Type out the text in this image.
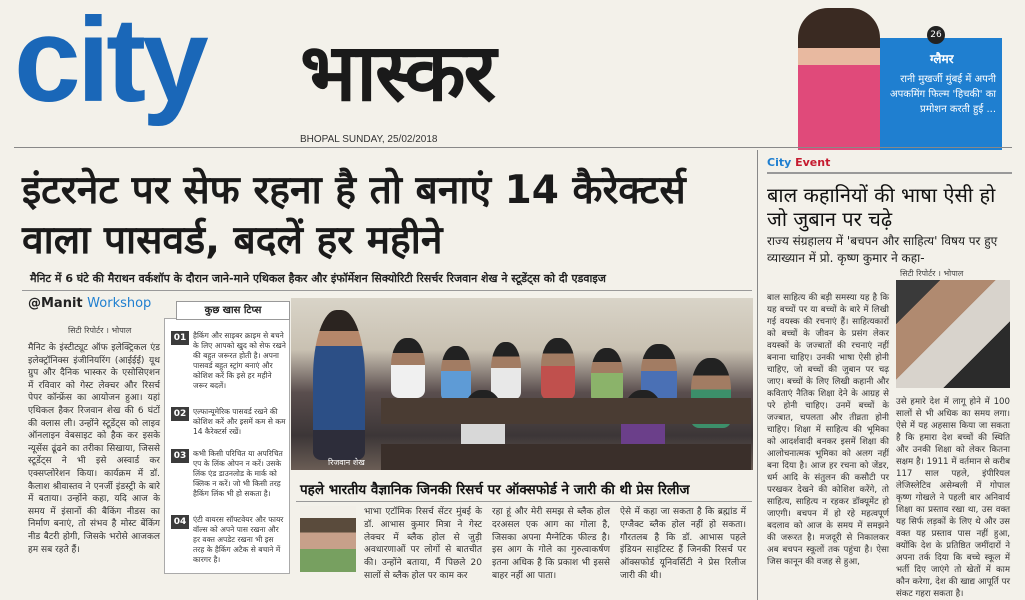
city भास्कर
BHOPAL SUNDAY, 25/02/2018
26
ग्लैमर
रानी मुखर्जी मुंबई में अपनी अपकमिंग फिल्म 'हिचकी' का प्रमोशन करती हुई ...
इंटरनेट पर सेफ रहना है तो बनाएं 14 कैरेक्टर्स वाला पासवर्ड, बदलें हर महीने
मैनिट में 6 घंटे की मैराथन वर्कशॉप के दौरान जाने-माने एथिकल हैकर और इंफॉर्मेशन सिक्योरिटी रिसर्चर रिजवान शेख ने स्टूडेंट्स को दी एडवाइज
@Manit Workshop
सिटी रिपोर्टर । भोपाल
मैनिट के इंस्टीट्यूट ऑफ इलेक्ट्रिकल एंड इलेक्ट्रॉनिक्स इंजीनियरिंग (आईईई) यूथ ग्रुप और दैनिक भास्कर के एसोसिएशन में रविवार को गेस्ट लेक्चर और रिसर्च पेपर कॉन्फ्रेंस का आयोजन हुआ। यहां एथिकल हैकर रिजवान शेख की 6 घंटों की क्लास ली। उन्होंने स्टूडेंट्स को लाइव ऑनलाइन वेबसाइट को हैक कर इसके न्यूसेंस ढूंढने का तरीका सिखाया, जिससे स्टूडेंट्स ने भी इसे अस्वार्ड कर एक्सप्लोरेशन किया। कार्यक्रम में डॉ. कैलाश श्रीवास्तव ने एनर्जी इंडस्ट्री के बारे में बताया। उन्होंने कहा, यदि आज के समय में इंसानों की बैकिंग नीडस का निर्माण बनाएं, तो संभव है मोस्ट बेंकिंग नीड बैटरी होगी, जिसके भरोसे आजकल हम सब रहते हैं।
01 हैकिंग और साइबर क्राइम से बचने के लिए आपको खुद को सेफ रखने की बहुत जरूरत होती है। अपना पासवर्ड बहुत स्ट्रांग बनाएं और कोशिश करें कि इसे हर महीने जरूर बदलें।
02 एल्फान्यूमेरिक पासवर्ड रखने की कोशिश करें और इसमें कम से कम 14 कैरेक्टर्स रखें।
03 कभी किसी परिचित या अपरिचित एप के लिंक ओपन न करें। उसके लिंक एंड डाउनलोड के मार्क को क्लिक न करें। जो भी किसी तरह हैकिंग लिंक भी हो सकता है।
04 एंटी वायरस सॉफ्टवेयर और फायर वॉल्स को अपने पास रखना और हर वक्त अपडेट रखना भी इस तरह के हैकिंग अटैक से बचाने में कारगर है।
कुछ खास टिप्स
रिजवान शेख
पहले भारतीय वैज्ञानिक जिनकी रिसर्च पर ऑक्सफोर्ड ने जारी की थी प्रेस रिलीज
भाभा एटॉमिक रिसर्च सेंटर मुंबई के डॉ. आभास कुमार मित्रा ने गेस्ट लेक्चर में ब्लैक होल से जुड़ी अवधारणाओं पर लोगों से बातचीत की। उन्होंने बताया, मैं पिछले 20 सालों से ब्लैक होल पर काम कर
रहा हूं और मेरी समझ से ब्लैक होल दरअसल एक आग का गोला है, जिसका अपना मैग्नेटिक फील्ड है। इस आग के गोले का गुरुत्वाकर्षण इतना अधिक है कि प्रकाश भी इससे बाहर नहीं आ पाता।
ऐसे में कहा जा सकता है कि ब्रह्मांड में एग्जैक्ट ब्लैक होल नहीं हो सकता। गौरतलब है कि डॉ. आभास पहले इंडियन साइंटिस्ट हैं जिनकी रिसर्च पर ऑक्सफोर्ड यूनिवर्सिटी ने प्रेस रिलीज जारी की थी।
City Event
बाल कहानियों की भाषा ऐसी हो जो जुबान पर चढ़े
राज्य संग्रहालय में 'बचपन और साहित्य' विषय पर हुए व्याख्यान में प्रो. कृष्ण कुमार ने कहा-
सिटी रिपोर्टर । भोपाल
बाल साहित्य की बड़ी समस्या यह है कि यह बच्चों पर या बच्चों के बारे में लिखी गई वयस्क की रचनाएं हैं। साहित्यकारों को बच्चों के जीवन के प्रसंग लेकर वयस्कों के जज्बातों की रचनाएं नहीं बनाना चाहिए। उनकी भाषा ऐसी होनी चाहिए, जो बच्चों की जुबान पर चढ़ जाए। बच्चों के लिए लिखी कहानी और कविताएं नैतिक शिक्षा देने के आग्रह से परे होनी चाहिए। उनमें बच्चों के जज्बात, चपलता और तीव्रता होनी चाहिए। शिक्षा में साहित्य की भूमिका को आदर्शवादी बनकर इसमें शिक्षा की आलोचनात्मक भूमिका को अलग नहीं बना दिया है। आज हर रचना को जेंडर, धर्म आदि के संतुलन की कसौटी पर परखकर देखने की कोशिश करेंगे, तो साहित्य, साहित्य न रहकर डॉक्यूमेंट हो जाएगी। बचपन में हो रहे महत्वपूर्ण बदलाव को आज के समय में समझने की जरूरत है। मजदूरी से निकालकर अब बचपन स्कूलों तक पहुंचा है। ऐसा जिस कानून की वजह से हुआ,
उसे हमारे देश में लागू होने में 100 सालों से भी अधिक का समय लगा। ऐसे में यह अहसास किया जा सकता है कि हमारा देश बच्चों की स्थिति और उनकी शिक्षा को लेकर कितना सक्षम है। 1911 में वर्तमान से करीब 117 साल पहले, इंपीरियल लेजिस्लेटिव असेम्बली में गोपाल कृष्ण गोखले ने पहली बार अनिवार्य शिक्षा का प्रस्ताव रखा था, उस वक्त यह सिर्फ लड़कों के लिए थे और उस वक्त यह प्रस्ताव पास नहीं हुआ, क्योंकि देश के प्रतिष्ठित जमींदारों ने अपना तर्क दिया कि बच्चे स्कूल में भर्ती दिए जाएंगे तो खेतों में काम कौन करेगा, देश की खाद्य आपूर्ति पर संकट गहरा सकता है।
